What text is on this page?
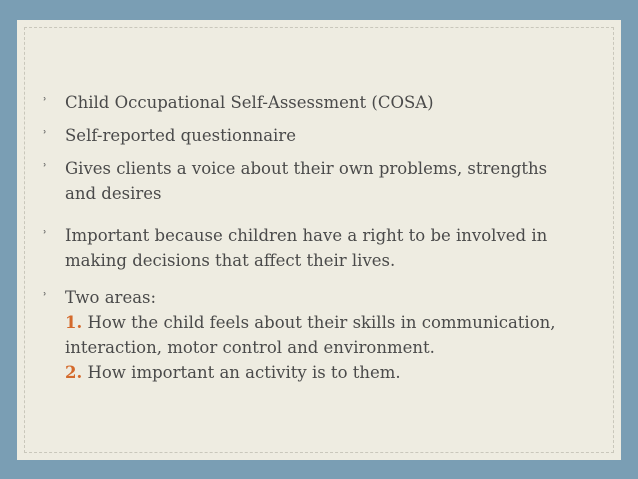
ʾ Child Occupational Self-Assessment (COSA)
ʾ Self-reported questionnaire
ʾ Gives clients a voice about their own problems, strengths
and desires
ʾ Important because children have a right to be involved in
making decisions that affect their lives.
ʾ Two areas:
1. How the child feels about their skills in communication,
interaction, motor control and environment.
2. How important an activity is to them.
